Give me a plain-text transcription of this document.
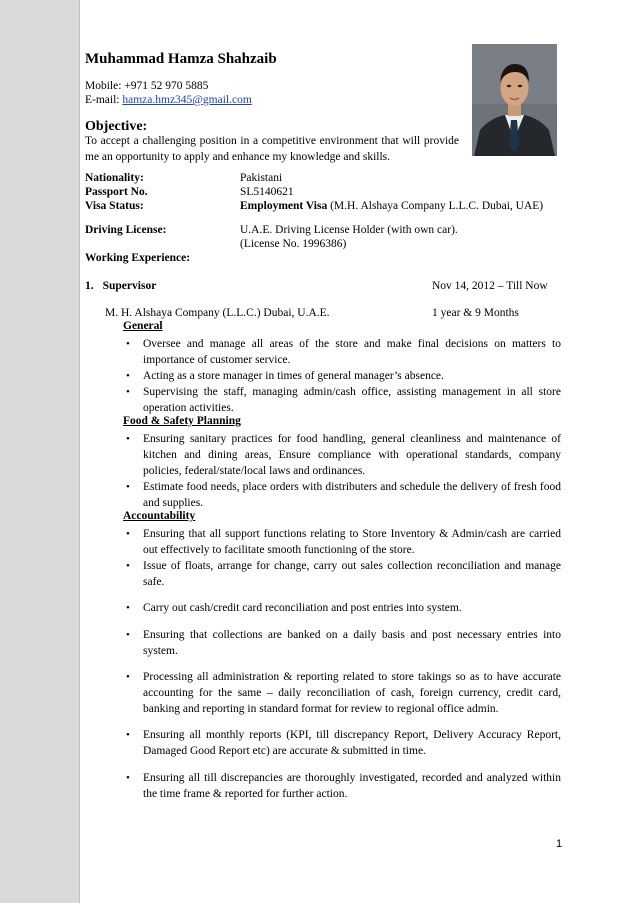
Muhammad Hamza Shahzaib
Mobile: +971 52 970 5885
E-mail: hamza.hmz345@gmail.com
Objective:
To accept a challenging position in a competitive environment that will provide me an opportunity to apply and enhance my knowledge and skills.
Nationality:	Pakistani
Passport No.	SL5140621
Visa Status:	Employment Visa (M.H. Alshaya Company L.L.C. Dubai, UAE)
Driving License:	U.A.E. Driving License Holder (with own car).
(License No. 1996386)
Working Experience:
1. Supervisor	Nov 14, 2012 – Till Now
M. H. Alshaya Company (L.L.C.) Dubai, U.A.E.	1 year & 9 Months
General
• Oversee and manage all areas of the store and make final decisions on matters to importance of customer service.
• Acting as a store manager in times of general manager’s absence.
• Supervising the staff, managing admin/cash office, assisting management in all store operation activities.
Food & Safety Planning
• Ensuring sanitary practices for food handling, general cleanliness and maintenance of kitchen and dining areas, Ensure compliance with operational standards, company policies, federal/state/local laws and ordinances.
• Estimate food needs, place orders with distributers and schedule the delivery of fresh food and supplies.
Accountability
• Ensuring that all support functions relating to Store Inventory & Admin/cash are carried out effectively to facilitate smooth functioning of the store.
• Issue of floats, arrange for change, carry out sales collection reconciliation and manage safe.
• Carry out cash/credit card reconciliation and post entries into system.
• Ensuring that collections are banked on a daily basis and post necessary entries into system.
• Processing all administration & reporting related to store takings so as to have accurate accounting for the same – daily reconciliation of cash, foreign currency, credit card, banking and reporting in standard format for review to regional office admin.
• Ensuring all monthly reports (KPI, till discrepancy Report, Delivery Accuracy Report, Damaged Good Report etc) are accurate & submitted in time.
• Ensuring all till discrepancies are thoroughly investigated, recorded and analyzed within the time frame & reported for further action.
1
